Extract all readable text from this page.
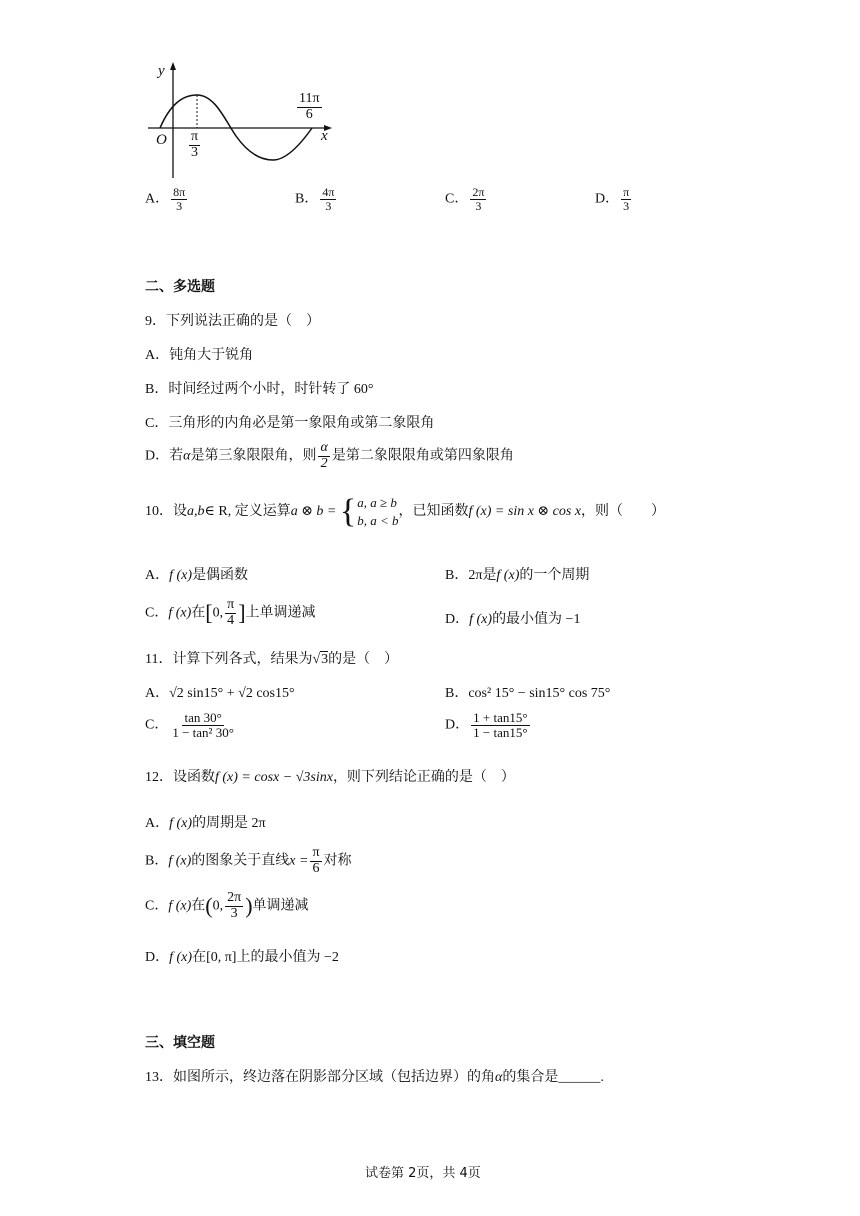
y
x
O $\frac{\pi}{3}$
$\frac{11\pi}{6}$
A． $\frac{8\pi}{3}$	B． $\frac{4\pi}{3}$	C． $\frac{2\pi}{3}$	D． $\frac{\pi}{3}$
二、多选题
9．下列说法正确的是（　）
A．钝角大于锐角
B．时间经过两个小时，时针转了 60°
C．三角形的内角必是第一象限角或第二象限角
D．若α是第三象限限角，则 $\frac{\alpha}{2}$ 是第二象限限角或第四象限角
10．设a,b∈ R, 定义运算a ⊗ b = { a, a ≥ b
b, a < b
，已知函数f (x) = sin x ⊗ cos x，则（　　）
A．f (x)是偶函数	B．2π是f (x)的一个周期
C．f (x)在[0, $\frac{\pi}{4}$ ]上单调递减	D．f (x)的最小值为 −1
11．计算下列各式，结果为√3的是（　）
A．√2 sin15° + √2 cos15°	B．cos² 15° − sin15° cos 75°
C． $\frac{\tan 30^\circ}{\text{1 − tan² 30°}}$	D． $\frac{1 + \tan 15^\circ}{1 - \tan 15^\circ}$
12．设函数f (x) = cosx − √3sinx，则下列结论正确的是（　）
A．f (x)的周期是 2π
B．f (x)的图象关于直线$x = \frac{\pi}{6}$ 对称
C．f (x)在(0, $\frac{2\pi}{3}$ )单调递减
D．f (x)在[0, π]上的最小值为 −2
三、填空题
13．如图所示，终边落在阴影部分区域（包括边界）的角α的集合是______.
试卷第 2页，共 4页
